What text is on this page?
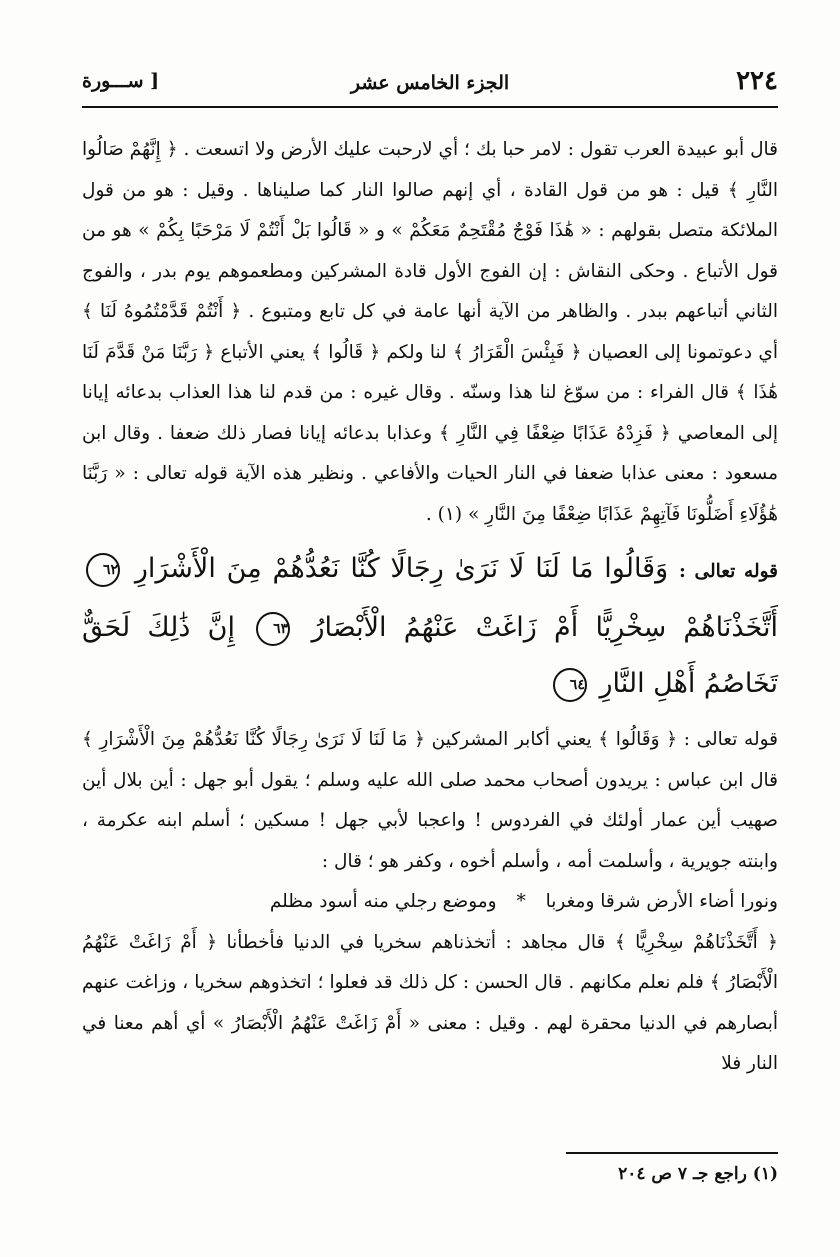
٢٢٤
الجزء الخامس عشر
[ ســـورة

قال أبو عبيدة العرب تقول : لامر حبا بك ؛ أي لارحبت عليك الأرض ولا اتسعت . ﴿ إِنَّهُمْ صَالُوا النَّارِ ﴾ قيل : هو من قول القادة ، أي إنهم صالوا النار كما صليناها . وقيل : هو من قول الملائكة متصل بقولهم : « هَٰذَا فَوْجٌ مُقْتَحِمٌ مَعَكُمْ » و « قَالُوا بَلْ أَنْتُمْ لَا مَرْحَبًا بِكُمْ » هو من قول الأتباع . وحكى النقاش : إن الفوج الأول قادة المشركين ومطعموهم يوم بدر ، والفوج الثاني أتباعهم ببدر . والظاهر من الآية أنها عامة في كل تابع ومتبوع . ﴿ أَنْتُمْ قَدَّمْتُمُوهُ لَنَا ﴾ أي دعوتمونا إلى العصيان ﴿ فَبِئْسَ الْقَرَارُ ﴾ لنا ولكم ﴿ قَالُوا ﴾ يعني الأتباع ﴿ رَبَّنَا مَنْ قَدَّمَ لَنَا هَٰذَا ﴾ قال الفراء : من سوّغ لنا هذا وسنّه . وقال غيره : من قدم لنا هذا العذاب بدعائه إيانا إلى المعاصي ﴿ فَزِدْهُ عَذَابًا ضِعْفًا فِي النَّارِ ﴾ وعذابا بدعائه إيانا فصار ذلك ضعفا . وقال ابن مسعود : معنى عذابا ضعفا في النار الحيات والأفاعي . ونظير هذه الآية قوله تعالى : « رَبَّنَا هَٰؤُلَاءِ أَضَلُّونَا فَآتِهِمْ عَذَابًا ضِعْفًا مِنَ النَّارِ » (١) .

قوله تعالى : وَقَالُوا مَا لَنَا لَا نَرَىٰ رِجَالًا كُنَّا نَعُدُّهُمْ مِنَ الْأَشْرَارِ ٦٢ أَتَّخَذْنَاهُمْ سِخْرِيًّا أَمْ زَاغَتْ عَنْهُمُ الْأَبْصَارُ ٦٣ إِنَّ ذَٰلِكَ لَحَقٌّ تَخَاصُمُ أَهْلِ النَّارِ ٦٤

قوله تعالى : ﴿ وَقَالُوا ﴾ يعني أكابر المشركين ﴿ مَا لَنَا لَا نَرَىٰ رِجَالًا كُنَّا نَعُدُّهُمْ مِنَ الْأَشْرَارِ ﴾ قال ابن عباس : يريدون أصحاب محمد صلى الله عليه وسلم ؛ يقول أبو جهل : أين بلال أين صهيب أين عمار أولئك في الفردوس ! واعجبا لأبي جهل ! مسكين ؛ أسلم ابنه عكرمة ، وابنته جويرية ، وأسلمت أمه ، وأسلم أخوه ، وكفر هو ؛ قال :

ونورا أضاء الأرض شرقا ومغربا * وموضع رجلي منه أسود مظلم

﴿ أَتَّخَذْنَاهُمْ سِخْرِيًّا ﴾ قال مجاهد : أتخذناهم سخريا في الدنيا فأخطأنا ﴿ أَمْ زَاغَتْ عَنْهُمُ الْأَبْصَارُ ﴾ فلم نعلم مكانهم . قال الحسن : كل ذلك قد فعلوا ؛ اتخذوهم سخريا ، وزاغت عنهم أبصارهم في الدنيا محقرة لهم . وقيل : معنى « أَمْ زَاغَتْ عَنْهُمُ الْأَبْصَارُ » أي أهم معنا في النار فلا

(١) راجع جـ ٧ ص ٢٠٤
